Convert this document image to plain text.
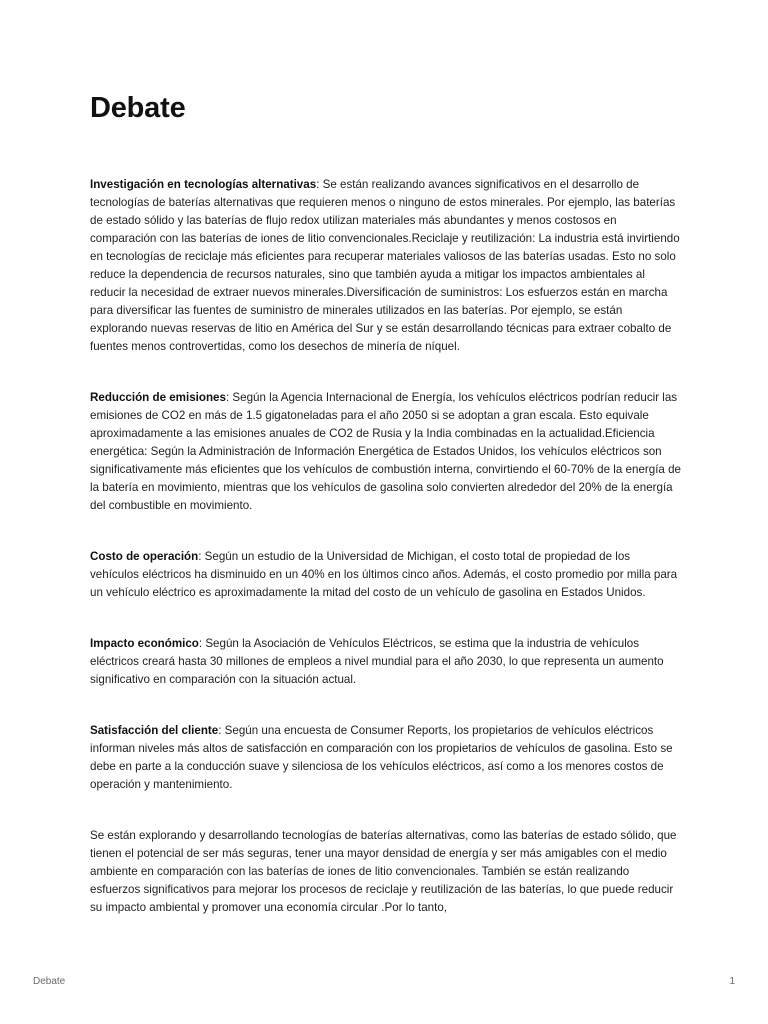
Debate

Investigación en tecnologías alternativas: Se están realizando avances significativos en el desarrollo de tecnologías de baterías alternativas que requieren menos o ninguno de estos minerales. Por ejemplo, las baterías de estado sólido y las baterías de flujo redox utilizan materiales más abundantes y menos costosos en comparación con las baterías de iones de litio convencionales.Reciclaje y reutilización: La industria está invirtiendo en tecnologías de reciclaje más eficientes para recuperar materiales valiosos de las baterías usadas. Esto no solo reduce la dependencia de recursos naturales, sino que también ayuda a mitigar los impactos ambientales al reducir la necesidad de extraer nuevos minerales.Diversificación de suministros: Los esfuerzos están en marcha para diversificar las fuentes de suministro de minerales utilizados en las baterías. Por ejemplo, se están explorando nuevas reservas de litio en América del Sur y se están desarrollando técnicas para extraer cobalto de fuentes menos controvertidas, como los desechos de minería de níquel.

Reducción de emisiones: Según la Agencia Internacional de Energía, los vehículos eléctricos podrían reducir las emisiones de CO2 en más de 1.5 gigatoneladas para el año 2050 si se adoptan a gran escala. Esto equivale aproximadamente a las emisiones anuales de CO2 de Rusia y la India combinadas en la actualidad.Eficiencia energética: Según la Administración de Información Energética de Estados Unidos, los vehículos eléctricos son significativamente más eficientes que los vehículos de combustión interna, convirtiendo el 60-70% de la energía de la batería en movimiento, mientras que los vehículos de gasolina solo convierten alrededor del 20% de la energía del combustible en movimiento.

Costo de operación: Según un estudio de la Universidad de Michigan, el costo total de propiedad de los vehículos eléctricos ha disminuido en un 40% en los últimos cinco años. Además, el costo promedio por milla para un vehículo eléctrico es aproximadamente la mitad del costo de un vehículo de gasolina en Estados Unidos.

Impacto económico: Según la Asociación de Vehículos Eléctricos, se estima que la industria de vehículos eléctricos creará hasta 30 millones de empleos a nivel mundial para el año 2030, lo que representa un aumento significativo en comparación con la situación actual.

Satisfacción del cliente: Según una encuesta de Consumer Reports, los propietarios de vehículos eléctricos informan niveles más altos de satisfacción en comparación con los propietarios de vehículos de gasolina. Esto se debe en parte a la conducción suave y silenciosa de los vehículos eléctricos, así como a los menores costos de operación y mantenimiento.

Se están explorando y desarrollando tecnologías de baterías alternativas, como las baterías de estado sólido, que tienen el potencial de ser más seguras, tener una mayor densidad de energía y ser más amigables con el medio ambiente en comparación con las baterías de iones de litio convencionales. También se están realizando esfuerzos significativos para mejorar los procesos de reciclaje y reutilización de las baterías, lo que puede reducir su impacto ambiental y promover una economía circular .Por lo tanto,

Debate	1
